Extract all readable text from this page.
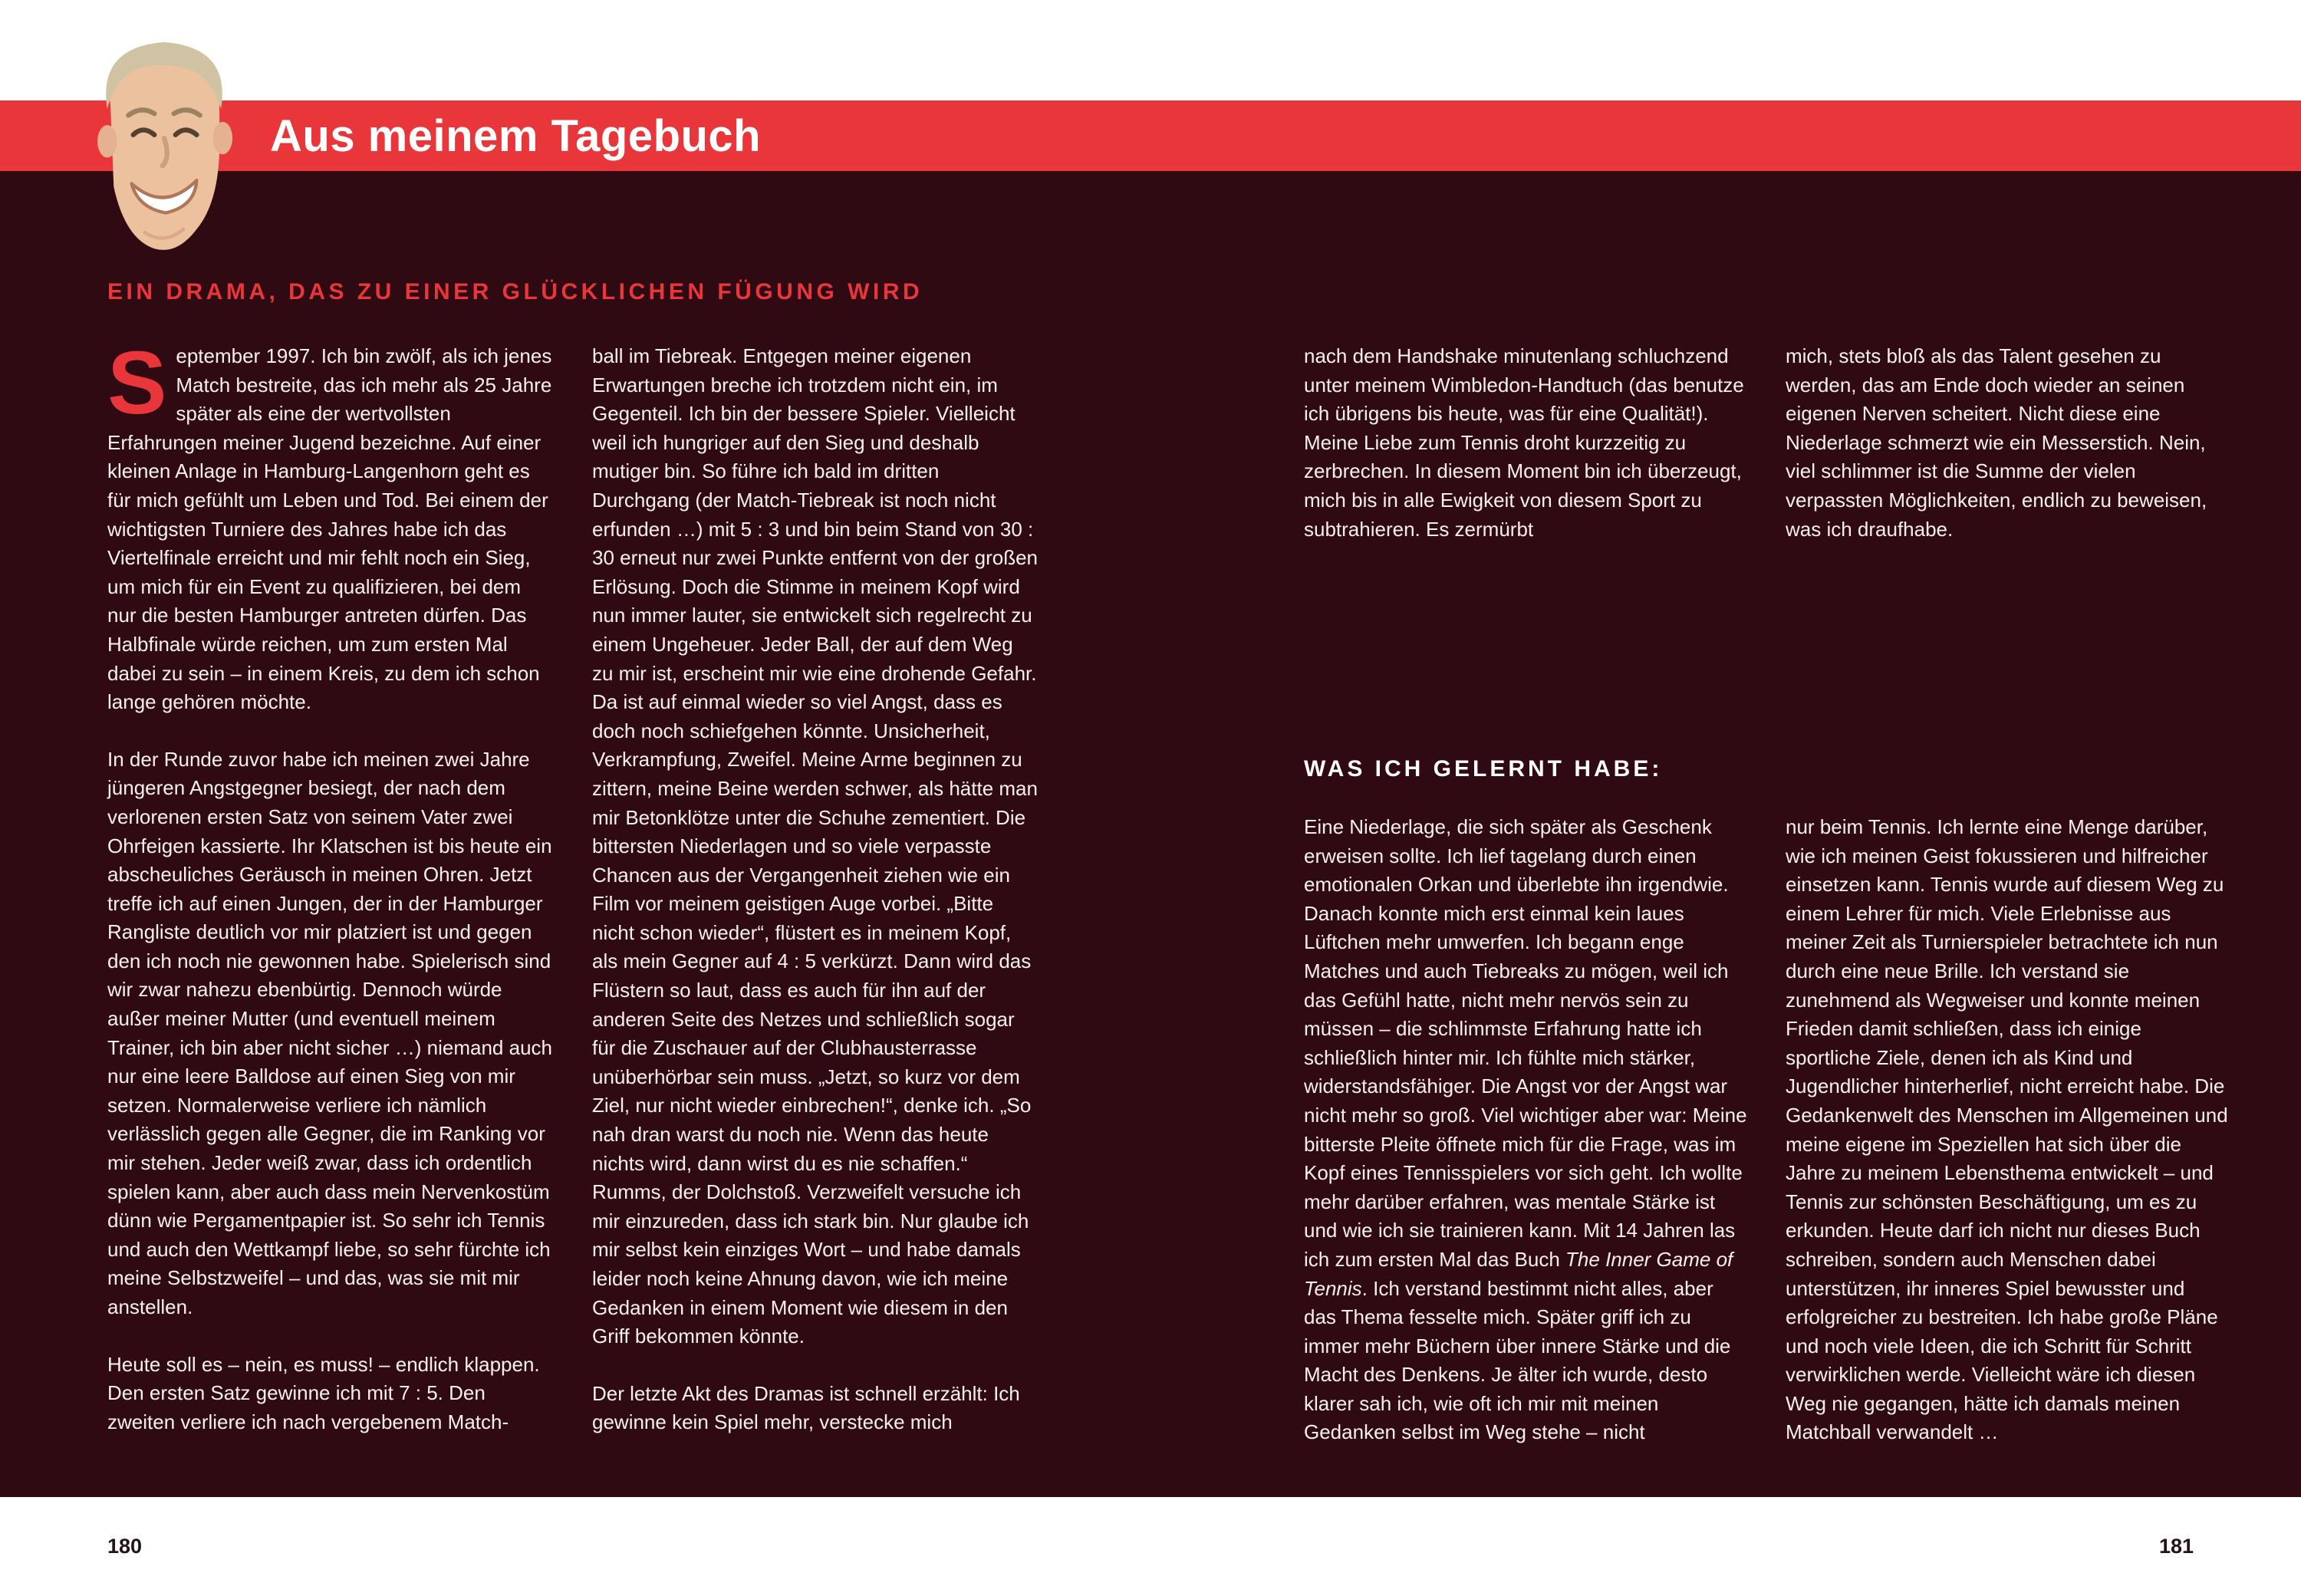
Aus meinem Tagebuch
EIN DRAMA, DAS ZU EINER GLÜCKLICHEN FÜGUNG WIRD

September 1997. Ich bin zwölf, als ich jenes Match bestreite, das ich mehr als 25 Jahre später als eine der wertvollsten Erfahrungen meiner Jugend bezeichne. Auf einer kleinen Anlage in Hamburg-Langenhorn geht es für mich gefühlt um Leben und Tod. Bei einem der wichtigsten Turniere des Jahres habe ich das Viertelfinale erreicht und mir fehlt noch ein Sieg, um mich für ein Event zu qualifizieren, bei dem nur die besten Hamburger antreten dürfen. Das Halbfinale würde reichen, um zum ersten Mal dabei zu sein – in einem Kreis, zu dem ich schon lange gehören möchte.

In der Runde zuvor habe ich meinen zwei Jahre jüngeren Angstgegner besiegt, der nach dem verlorenen ersten Satz von seinem Vater zwei Ohrfeigen kassierte. Ihr Klatschen ist bis heute ein abscheuliches Geräusch in meinen Ohren. Jetzt treffe ich auf einen Jungen, der in der Hamburger Rangliste deutlich vor mir platziert ist und gegen den ich noch nie gewonnen habe. Spielerisch sind wir zwar nahezu ebenbürtig. Dennoch würde außer meiner Mutter (und eventuell meinem Trainer, ich bin aber nicht sicher …) niemand auch nur eine leere Balldose auf einen Sieg von mir setzen. Normalerweise verliere ich nämlich verlässlich gegen alle Gegner, die im Ranking vor mir stehen. Jeder weiß zwar, dass ich ordentlich spielen kann, aber auch dass mein Nervenkostüm dünn wie Pergamentpapier ist. So sehr ich Tennis und auch den Wettkampf liebe, so sehr fürchte ich meine Selbstzweifel – und das, was sie mit mir anstellen.

Heute soll es – nein, es muss! – endlich klappen. Den ersten Satz gewinne ich mit 7 : 5. Den zweiten verliere ich nach vergebenem Match-

ball im Tiebreak. Entgegen meiner eigenen Erwartungen breche ich trotzdem nicht ein, im Gegenteil. Ich bin der bessere Spieler. Vielleicht weil ich hungriger auf den Sieg und deshalb mutiger bin. So führe ich bald im dritten Durchgang (der Match-Tiebreak ist noch nicht erfunden …) mit 5 : 3 und bin beim Stand von 30 : 30 erneut nur zwei Punkte entfernt von der großen Erlösung. Doch die Stimme in meinem Kopf wird nun immer lauter, sie entwickelt sich regelrecht zu einem Ungeheuer. Jeder Ball, der auf dem Weg zu mir ist, erscheint mir wie eine drohende Gefahr. Da ist auf einmal wieder so viel Angst, dass es doch noch schiefgehen könnte. Unsicherheit, Verkrampfung, Zweifel. Meine Arme beginnen zu zittern, meine Beine werden schwer, als hätte man mir Betonklötze unter die Schuhe zementiert. Die bittersten Niederlagen und so viele verpasste Chancen aus der Vergangenheit ziehen wie ein Film vor meinem geistigen Auge vorbei. „Bitte nicht schon wieder“, flüstert es in meinem Kopf, als mein Gegner auf 4 : 5 verkürzt. Dann wird das Flüstern so laut, dass es auch für ihn auf der anderen Seite des Netzes und schließlich sogar für die Zuschauer auf der Clubhausterrasse unüberhörbar sein muss. „Jetzt, so kurz vor dem Ziel, nur nicht wieder einbrechen!“, denke ich. „So nah dran warst du noch nie. Wenn das heute nichts wird, dann wirst du es nie schaffen.“ Rumms, der Dolchstoß. Verzweifelt versuche ich mir einzureden, dass ich stark bin. Nur glaube ich mir selbst kein einziges Wort – und habe damals leider noch keine Ahnung davon, wie ich meine Gedanken in einem Moment wie diesem in den Griff bekommen könnte.

Der letzte Akt des Dramas ist schnell erzählt: Ich gewinne kein Spiel mehr, verstecke mich

nach dem Handshake minutenlang schluchzend unter meinem Wimbledon-Handtuch (das benutze ich übrigens bis heute, was für eine Qualität!). Meine Liebe zum Tennis droht kurzzeitig zu zerbrechen. In diesem Moment bin ich überzeugt, mich bis in alle Ewigkeit von diesem Sport zu subtrahieren. Es zermürbt

WAS ICH GELERNT HABE:

Eine Niederlage, die sich später als Geschenk erweisen sollte. Ich lief tagelang durch einen emotionalen Orkan und überlebte ihn irgendwie. Danach konnte mich erst einmal kein laues Lüftchen mehr umwerfen. Ich begann enge Matches und auch Tiebreaks zu mögen, weil ich das Gefühl hatte, nicht mehr nervös sein zu müssen – die schlimmste Erfahrung hatte ich schließlich hinter mir. Ich fühlte mich stärker, widerstandsfähiger. Die Angst vor der Angst war nicht mehr so groß. Viel wichtiger aber war: Meine bitterste Pleite öffnete mich für die Frage, was im Kopf eines Tennisspielers vor sich geht. Ich wollte mehr darüber erfahren, was mentale Stärke ist und wie ich sie trainieren kann. Mit 14 Jahren las ich zum ersten Mal das Buch The Inner Game of Tennis. Ich verstand bestimmt nicht alles, aber das Thema fesselte mich. Später griff ich zu immer mehr Büchern über innere Stärke und die Macht des Denkens. Je älter ich wurde, desto klarer sah ich, wie oft ich mir mit meinen Gedanken selbst im Weg stehe – nicht

mich, stets bloß als das Talent gesehen zu werden, das am Ende doch wieder an seinen eigenen Nerven scheitert. Nicht diese eine Niederlage schmerzt wie ein Messerstich. Nein, viel schlimmer ist die Summe der vielen verpassten Möglichkeiten, endlich zu beweisen, was ich draufhabe.

nur beim Tennis. Ich lernte eine Menge darüber, wie ich meinen Geist fokussieren und hilfreicher einsetzen kann. Tennis wurde auf diesem Weg zu einem Lehrer für mich. Viele Erlebnisse aus meiner Zeit als Turnierspieler betrachtete ich nun durch eine neue Brille. Ich verstand sie zunehmend als Wegweiser und konnte meinen Frieden damit schließen, dass ich einige sportliche Ziele, denen ich als Kind und Jugendlicher hinterherlief, nicht erreicht habe. Die Gedankenwelt des Menschen im Allgemeinen und meine eigene im Speziellen hat sich über die Jahre zu meinem Lebensthema entwickelt – und Tennis zur schönsten Beschäftigung, um es zu erkunden. Heute darf ich nicht nur dieses Buch schreiben, sondern auch Menschen dabei unterstützen, ihr inneres Spiel bewusster und erfolgreicher zu bestreiten. Ich habe große Pläne und noch viele Ideen, die ich Schritt für Schritt verwirklichen werde. Vielleicht wäre ich diesen Weg nie gegangen, hätte ich damals meinen Matchball verwandelt …

180	181
